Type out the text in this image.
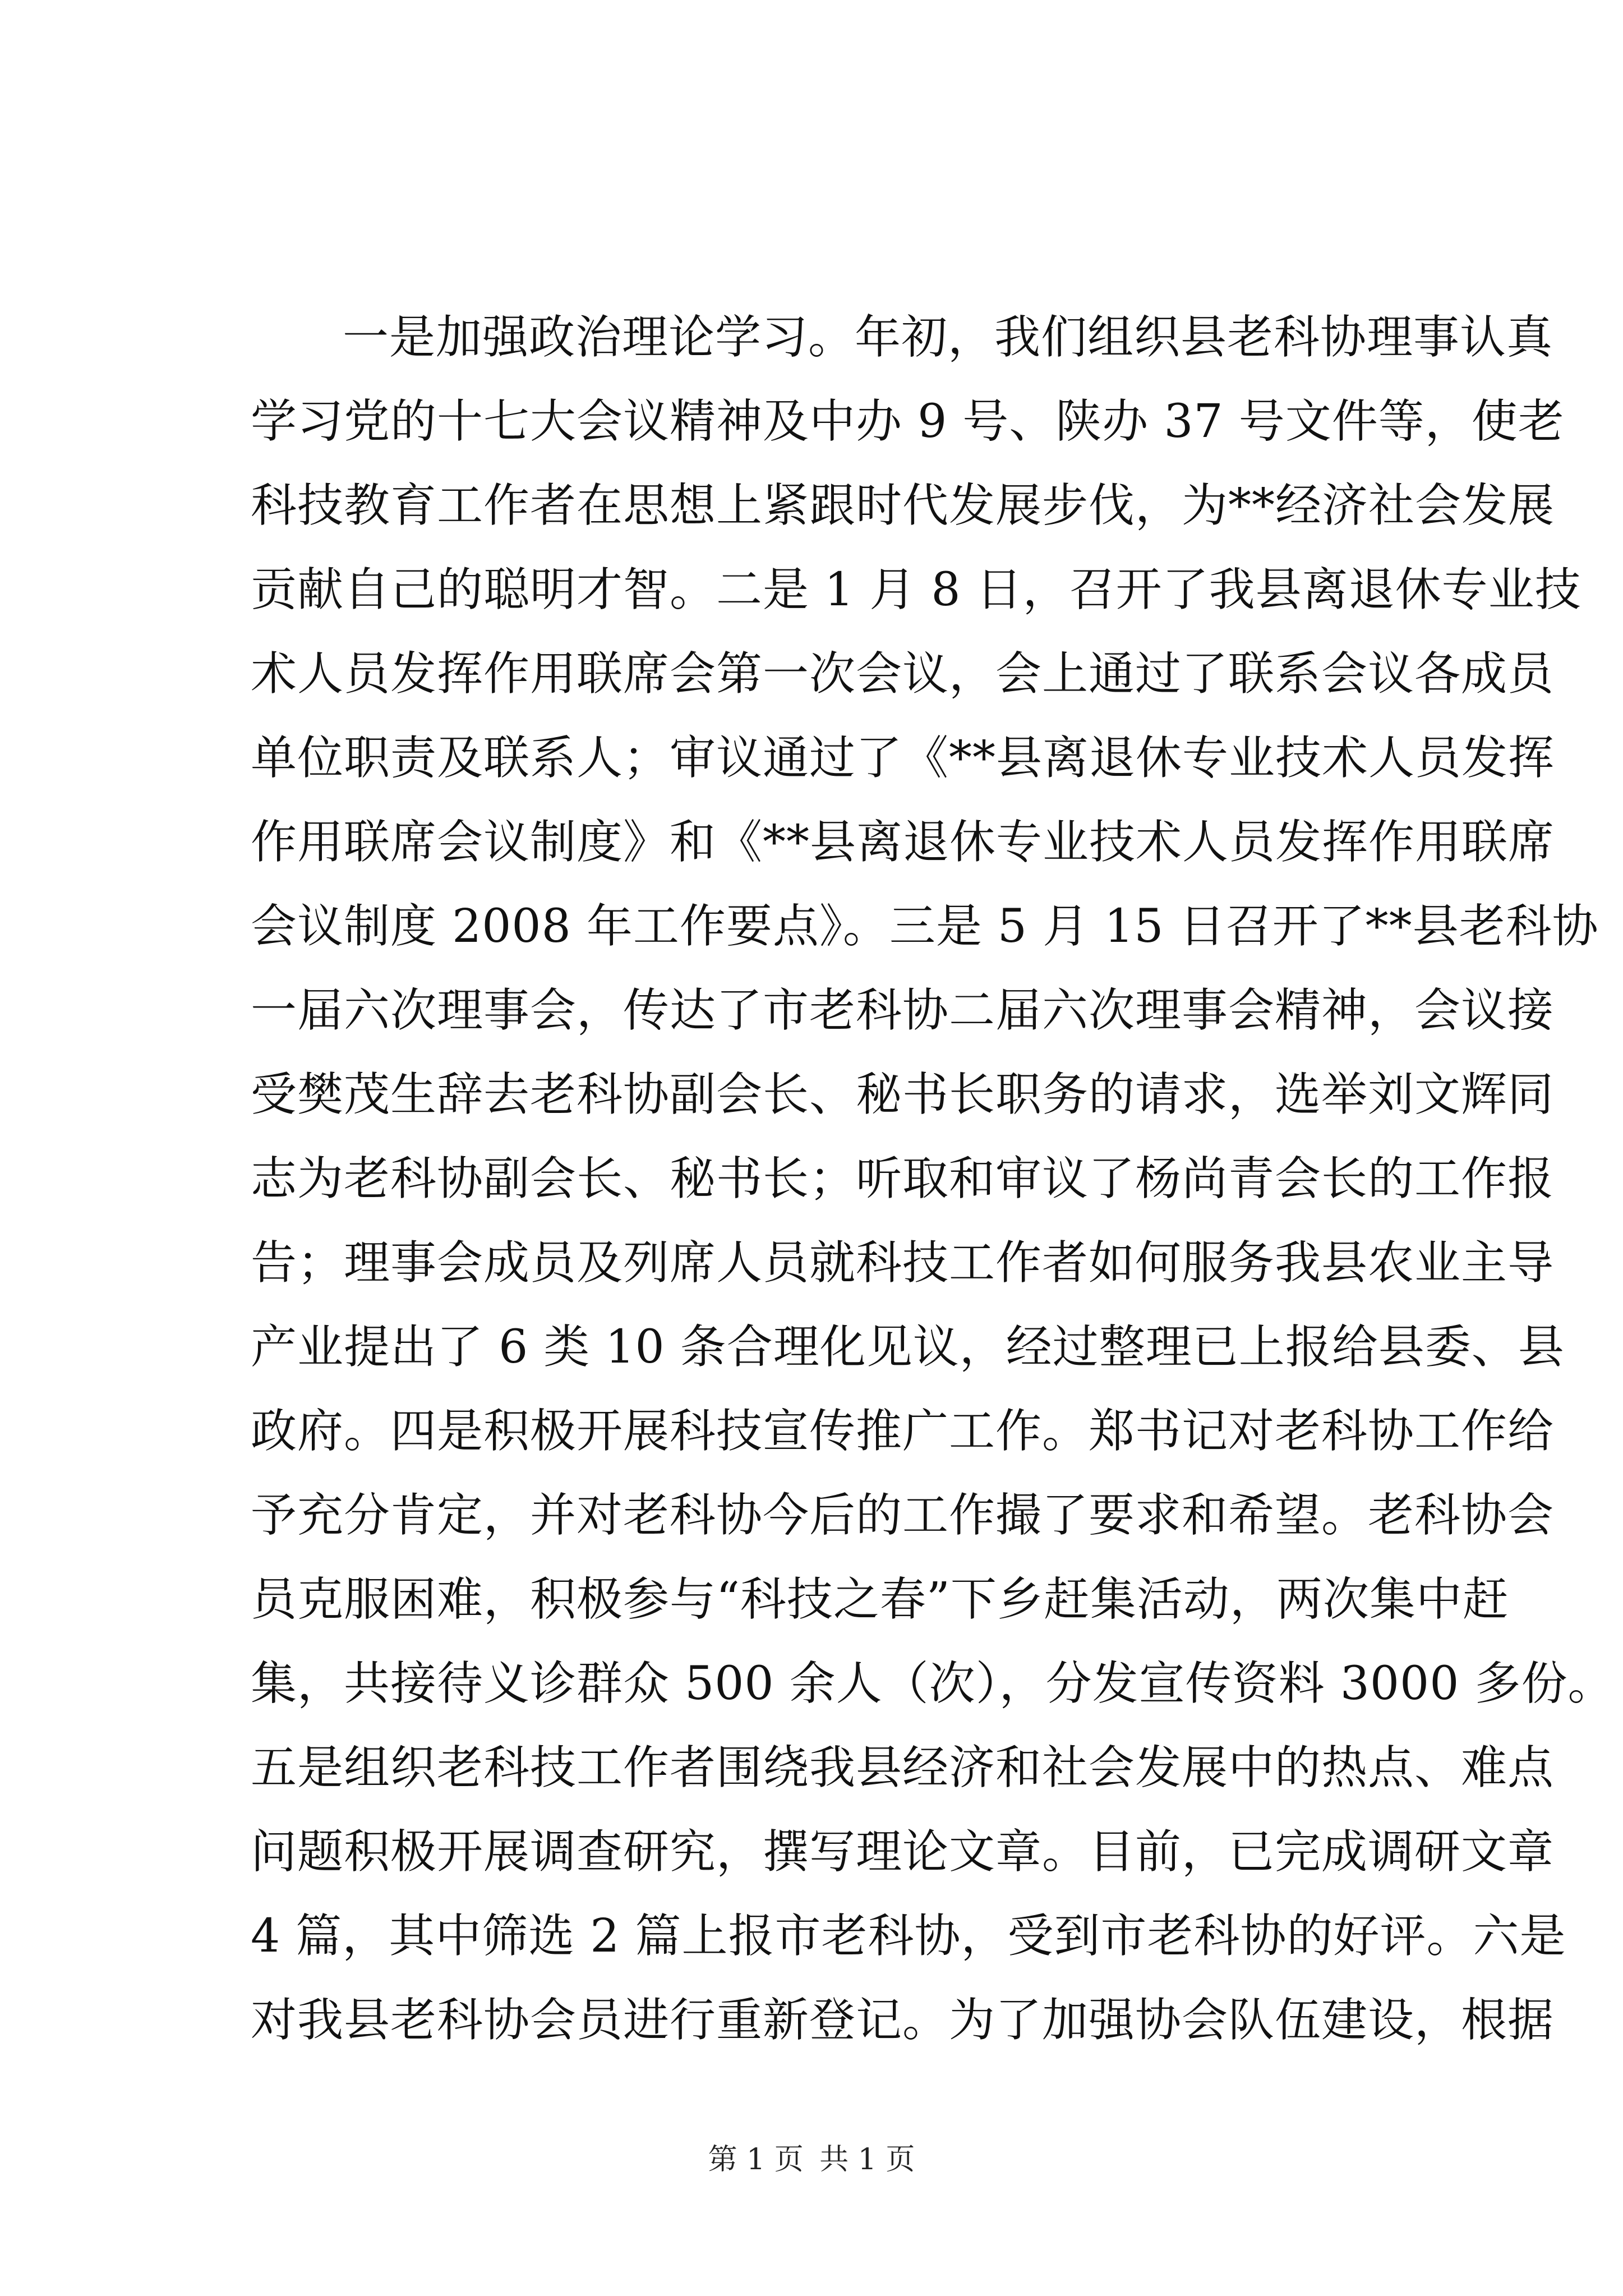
一是加强政治理论学习。年初，我们组织县老科协理事认真
学习党的十七大会议精神及中办 9 号、陕办 37 号文件等，使老
科技教育工作者在思想上紧跟时代发展步伐，为**经济社会发展
贡献自己的聪明才智。二是 1 月 8 日，召开了我县离退休专业技
术人员发挥作用联席会第一次会议，会上通过了联系会议各成员
单位职责及联系人；审议通过了《**县离退休专业技术人员发挥
作用联席会议制度》和《**县离退休专业技术人员发挥作用联席
会议制度 2008 年工作要点》。三是 5 月 15 日召开了**县老科协
一届六次理事会，传达了市老科协二届六次理事会精神，会议接
受樊茂生辞去老科协副会长、秘书长职务的请求，选举刘文辉同
志为老科协副会长、秘书长；听取和审议了杨尚青会长的工作报
告；理事会成员及列席人员就科技工作者如何服务我县农业主导
产业提出了 6 类 10 条合理化见议，经过整理已上报给县委、县
政府。四是积极开展科技宣传推广工作。郑书记对老科协工作给
予充分肯定，并对老科协今后的工作撮了要求和希望。老科协会
员克服困难，积极参与“科技之春”下乡赶集活动，两次集中赶
集，共接待义诊群众 500 余人（次），分发宣传资料 3000 多份。
五是组织老科技工作者围绕我县经济和社会发展中的热点、难点
问题积极开展调查研究，撰写理论文章。目前，已完成调研文章
4 篇，其中筛选 2 篇上报市老科协，受到市老科协的好评。六是
对我县老科协会员进行重新登记。为了加强协会队伍建设，根据
第 1 页 共 1 页
